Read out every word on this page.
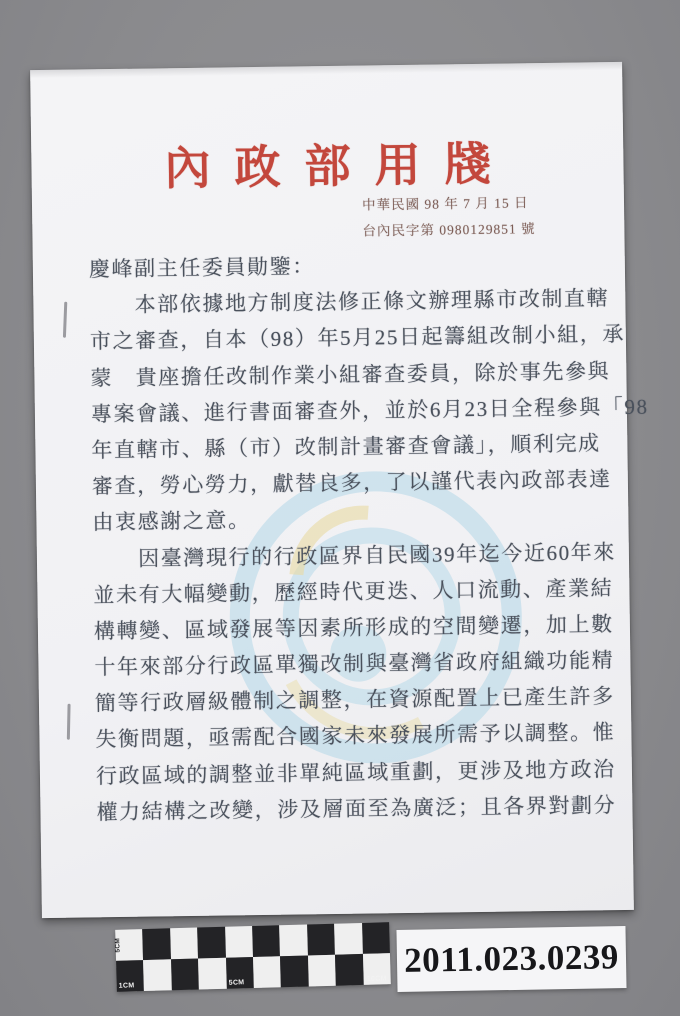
內政部用牋
中華民國 98 年 7 月 15 日
台內民字第 0980129851 號
慶峰副主任委員勛鑒：
　　本部依據地方制度法修正條文辦理縣市改制直轄
市之審查，自本（98）年5月25日起籌組改制小組，承
蒙　貴座擔任改制作業小組審查委員，除於事先參與
專案會議、進行書面審查外，並於6月23日全程參與「98
年直轄市、縣（市）改制計畫審查會議」，順利完成
審查，勞心勞力，獻替良多，了以謹代表內政部表達
由衷感謝之意。
　　因臺灣現行的行政區界自民國39年迄今近60年來
並未有大幅變動，歷經時代更迭、人口流動、產業結
構轉變、區域發展等因素所形成的空間變遷，加上數
十年來部分行政區單獨改制與臺灣省政府組織功能精
簡等行政層級體制之調整，在資源配置上已產生許多
失衡問題，亟需配合國家未來發展所需予以調整。惟
行政區域的調整並非單純區域重劃，更涉及地方政治
權力結構之改變，涉及層面至為廣泛；且各界對劃分
5CM
1CM	5CM
10CM 2011.023.0239
